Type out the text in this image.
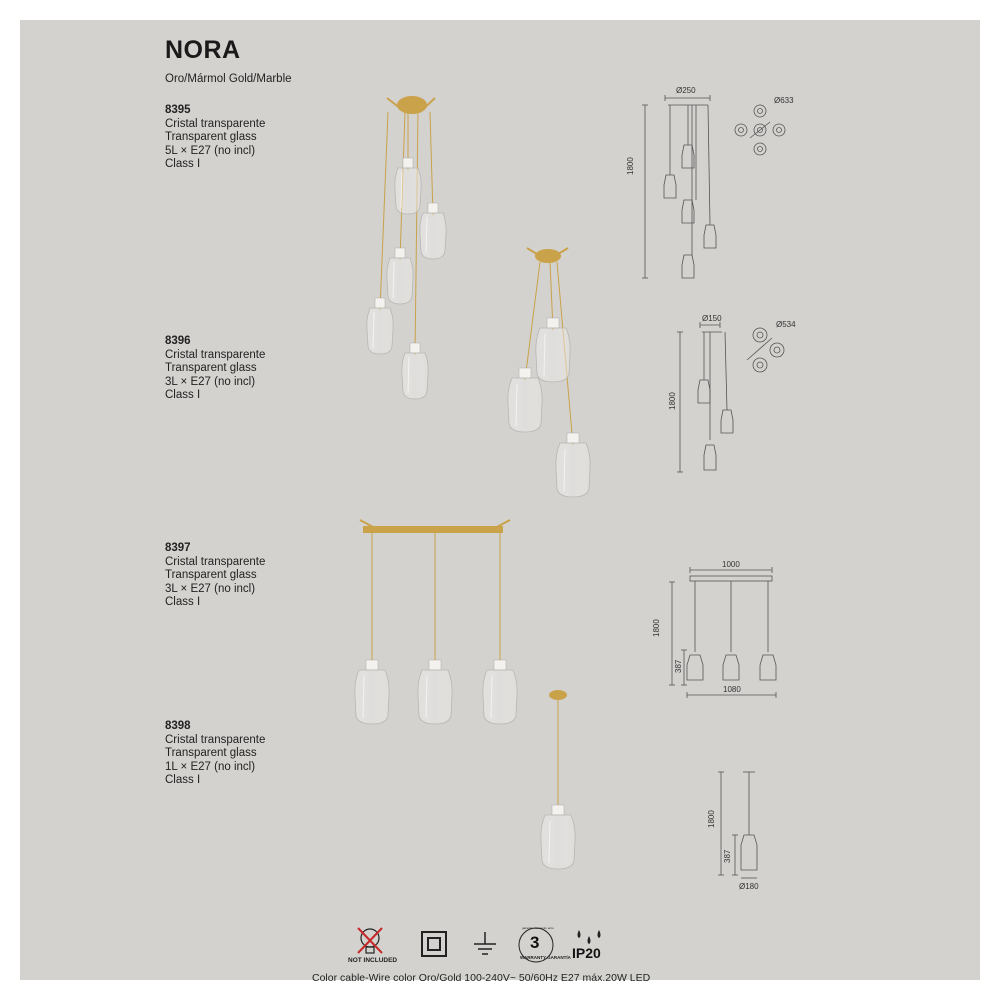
NORA
Oro/Mármol Gold/Marble
8395
Cristal transparente
Transparent glass
5L × E27 (no incl)
Class I
8396
Cristal transparente
Transparent glass
3L × E27 (no incl)
Class I
8397
Cristal transparente
Transparent glass
3L × E27 (no incl)
Class I
8398
Cristal transparente
Transparent glass
1L × E27 (no incl)
Class I
Ø250
Ø633
1800
Ø150
Ø534
1800
1000
1800
387
1080
1800
387
Ø180
NOT INCLUDED
3
garantía mantenim.ento
WARRANTY GARANTÍA IP20
Color cable-Wire color Oro/Gold 100-240V~ 50/60Hz E27 máx.20W LED
